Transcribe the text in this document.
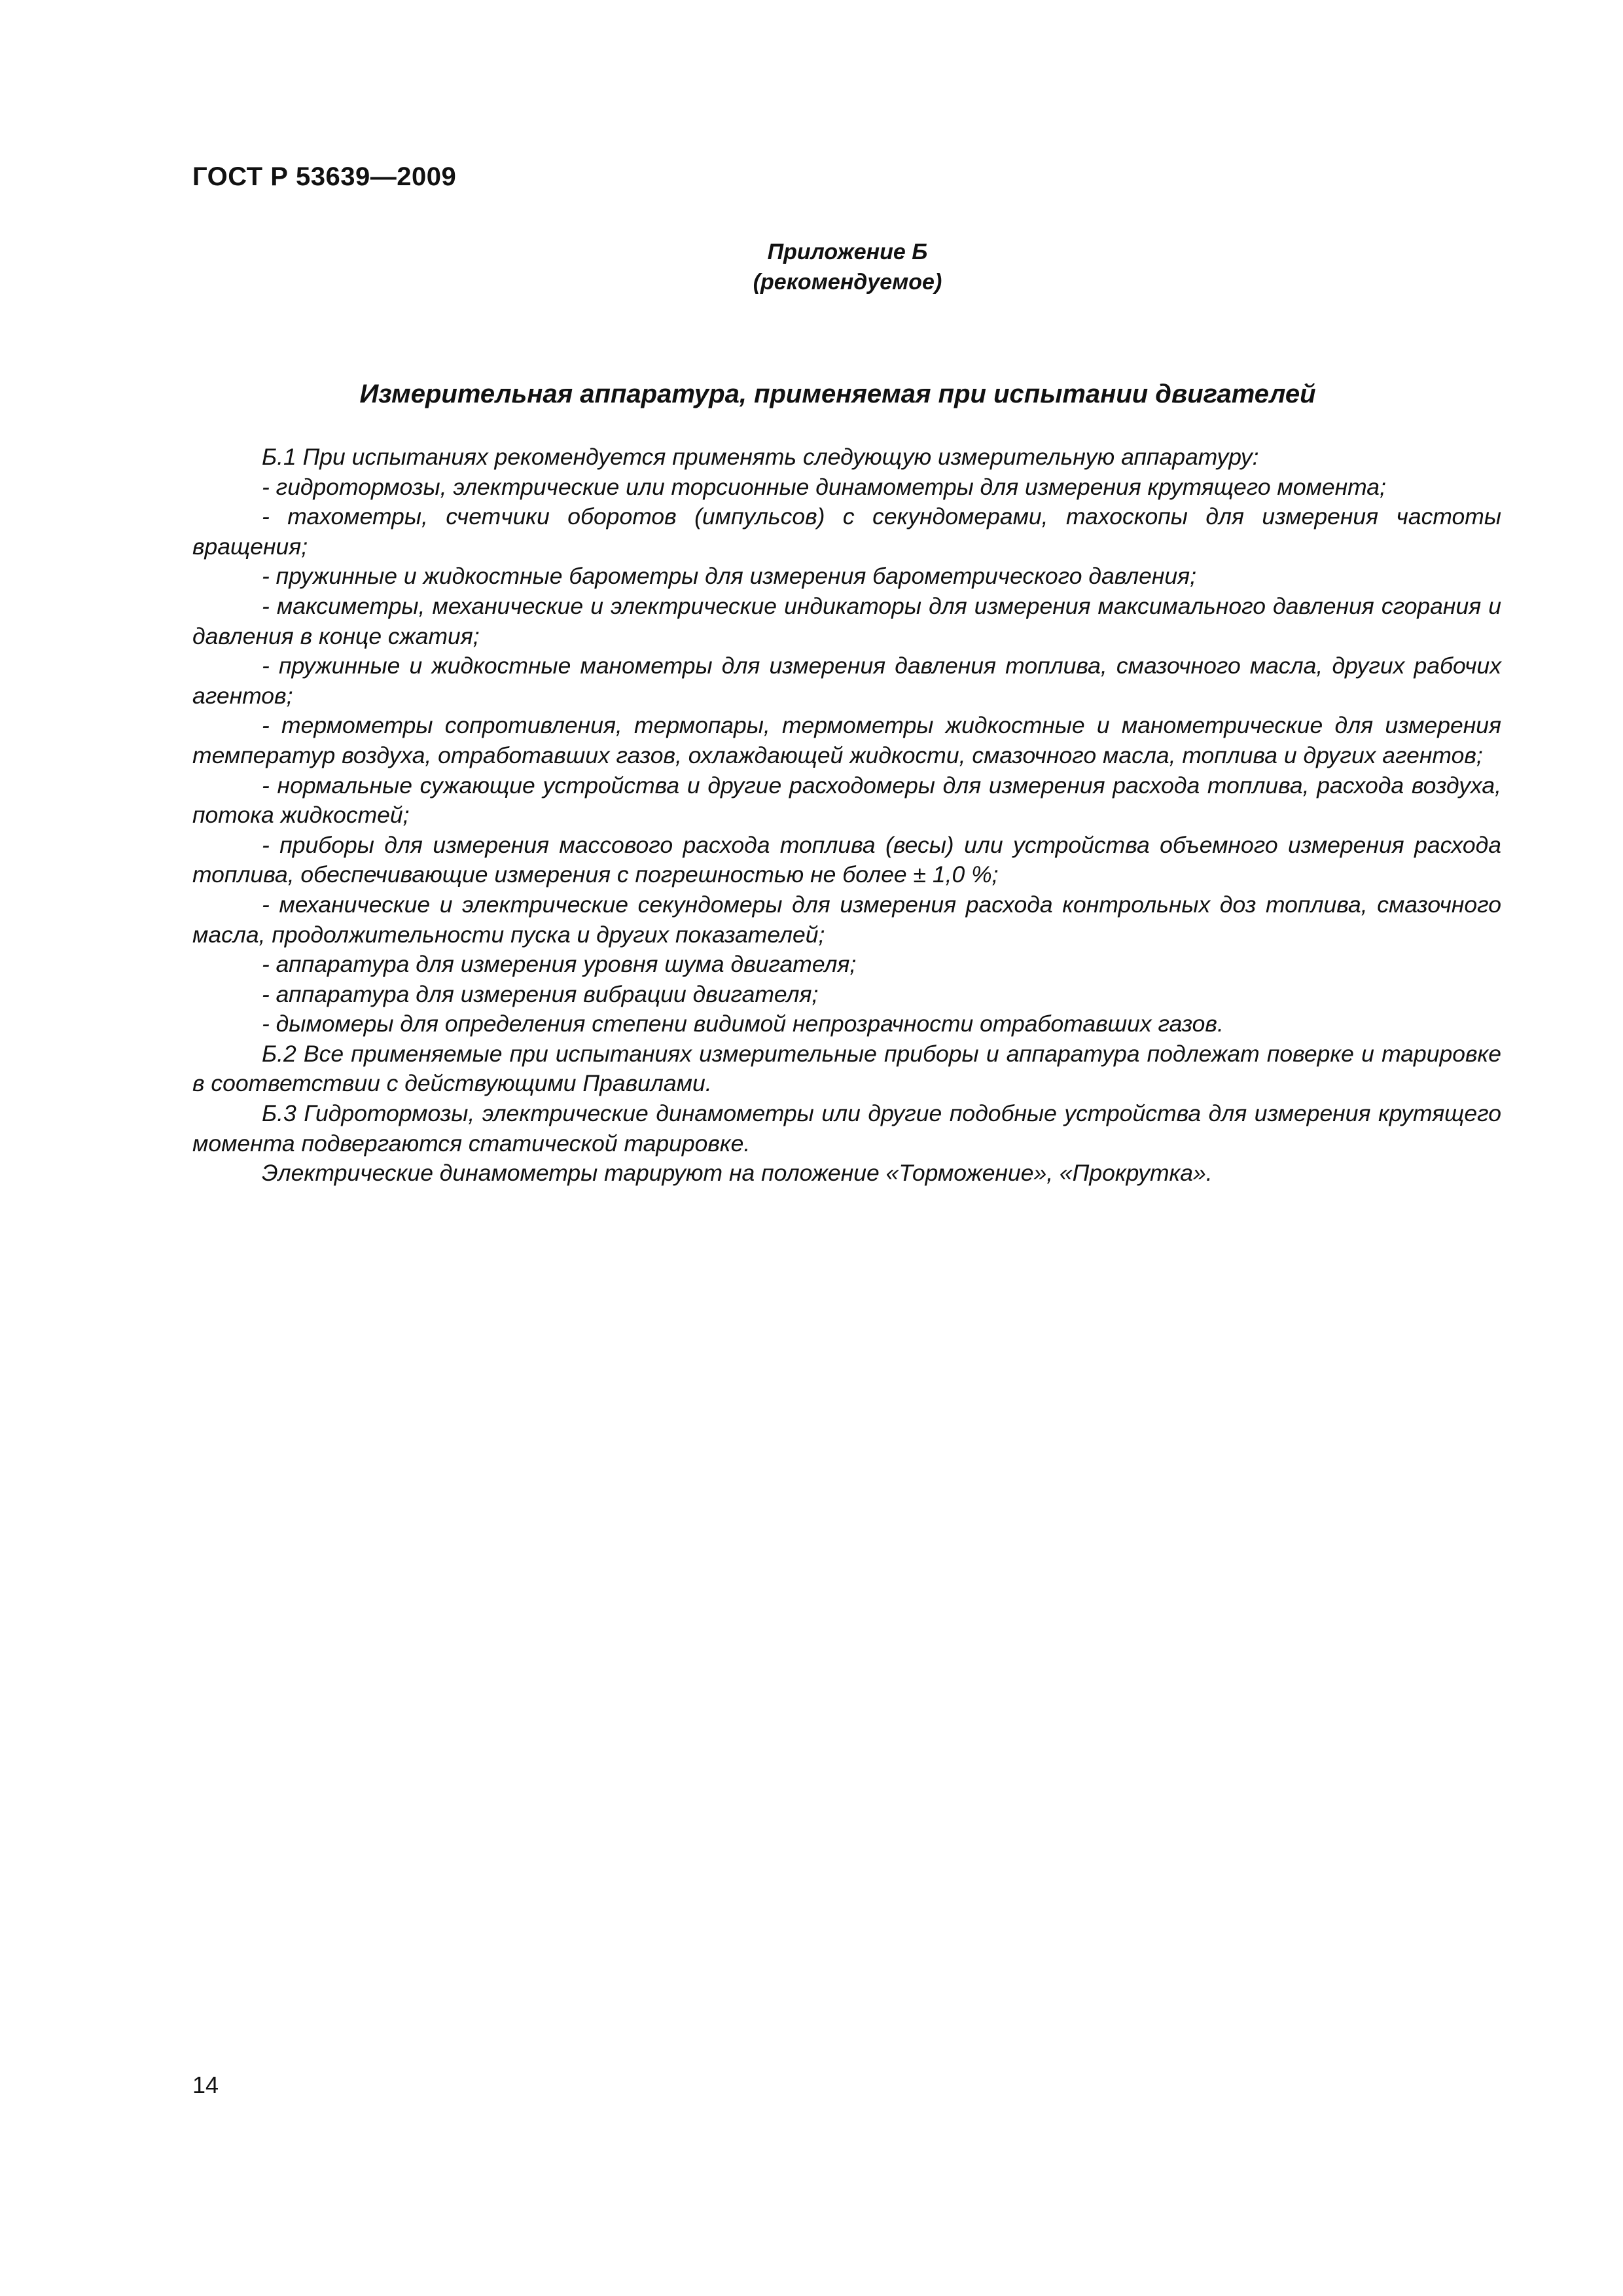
ГОСТ Р 53639—2009
Приложение Б
(рекомендуемое)
Измерительная аппаратура, применяемая при испытании двигателей

Б.1 При испытаниях рекомендуется применять следующую измерительную аппаратуру:

- гидротормозы, электрические или торсионные динамометры для измерения крутящего момента;

- тахометры, счетчики оборотов (импульсов) с секундомерами, тахоскопы для измерения частоты вращения;

- пружинные и жидкостные барометры для измерения барометрического давления;

- максиметры, механические и электрические индикаторы для измерения максимального давления сгорания и давления в конце сжатия;

- пружинные и жидкостные манометры для измерения давления топлива, смазочного масла, других рабочих агентов;

- термометры сопротивления, термопары, термометры жидкостные и манометрические для измерения температур воздуха, отработавших газов, охлаждающей жидкости, смазочного масла, топлива и других агентов;

- нормальные сужающие устройства и другие расходомеры для измерения расхода топлива, расхода воздуха, потока жидкостей;

- приборы для измерения массового расхода топлива (весы) или устройства объемного измерения расхода топлива, обеспечивающие измерения с погрешностью не более ± 1,0 %;

- механические и электрические секундомеры для измерения расхода контрольных доз топлива, смазочного масла, продолжительности пуска и других показателей;

- аппаратура для измерения уровня шума двигателя;

- аппаратура для измерения вибрации двигателя;

- дымомеры для определения степени видимой непрозрачности отработавших газов.

Б.2 Все применяемые при испытаниях измерительные приборы и аппаратура подлежат поверке и тарировке в соответствии с действующими Правилами.

Б.3 Гидротормозы, электрические динамометры или другие подобные устройства для измерения крутящего момента подвергаются статической тарировке.

Электрические динамометры тарируют на положение «Торможение», «Прокрутка».

14
